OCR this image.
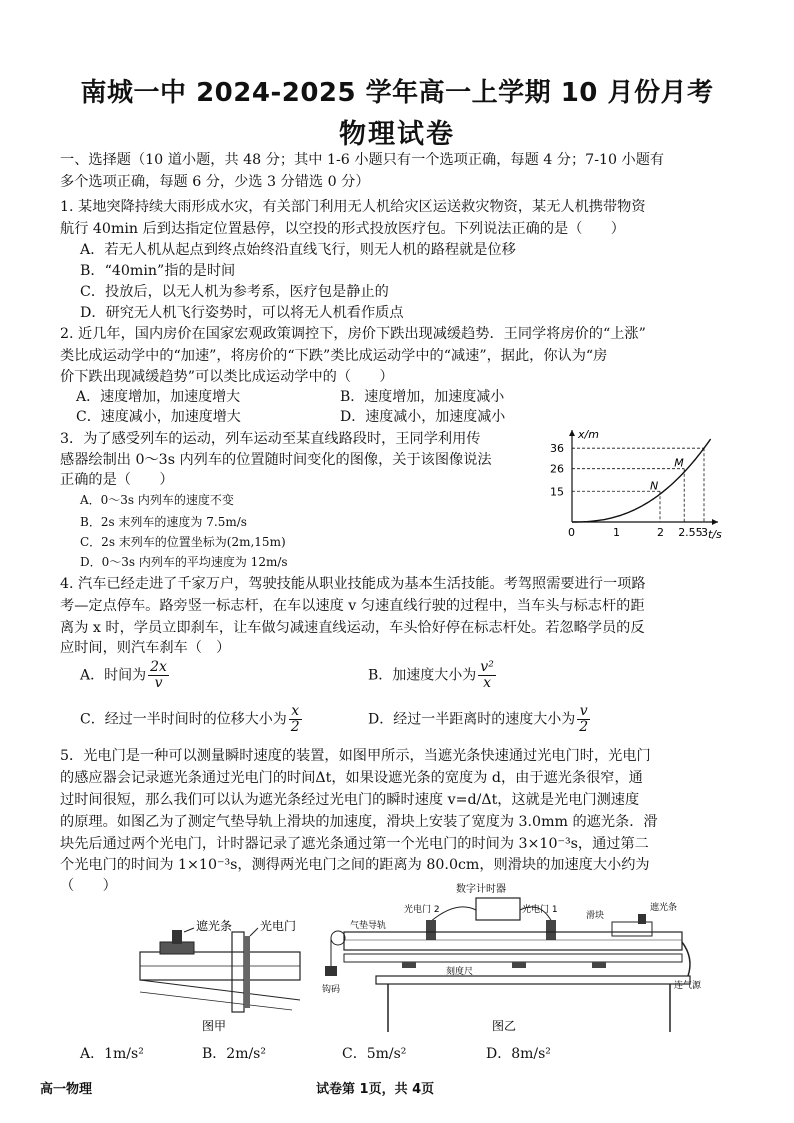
南城一中 2024-2025 学年高一上学期 10 月份月考
物理试卷
一、选择题（10 道小题，共 48 分；其中 1-6 小题只有一个选项正确，每题 4 分；7-10 小题有
多个选项正确，每题 6 分，少选 3 分错选 0 分）
1. 某地突降持续大雨形成水灾，有关部门利用无人机给灾区运送救灾物资，某无人机携带物资
航行 40min 后到达指定位置悬停，以空投的形式投放医疗包。下列说法正确的是（　　）
A．若无人机从起点到终点始终沿直线飞行，则无人机的路程就是位移
B．“40min”指的是时间
C．投放后，以无人机为参考系，医疗包是静止的
D．研究无人机飞行姿势时，可以将无人机看作质点
2. 近几年，国内房价在国家宏观政策调控下，房价下跌出现减缓趋势．王同学将房价的“上涨”
类比成运动学中的“加速”，将房价的“下跌”类比成运动学中的“减速”，据此，你认为“房
价下跌出现减缓趋势”可以类比成运动学中的（　　）
A．速度增加，加速度增大	B．速度增加，加速度减小
C．速度减小，加速度增大	D．速度减小，加速度减小
3．为了感受列车的运动，列车运动至某直线路段时，王同学利用传
感器绘制出 0～3s 内列车的位置随时间变化的图像，关于该图像说法
正确的是（　　）
A．0～3s 内列车的速度不变
B．2s 末列车的速度为 7.5m/s
C．2s 末列车的位置坐标为(2m,15m)
D．0～3s 内列车的平均速度为 12m/s
x/m
t/s
15
26
36
0	1	2 2.55
3
N
M
4. 汽车已经走进了千家万户，驾驶技能从职业技能成为基本生活技能。考驾照需要进行一项路
考—定点停车。路旁竖一标志杆，在车以速度 v 匀速直线行驶的过程中，当车头与标志杆的距
离为 x 时，学员立即刹车，让车做匀减速直线运动，车头恰好停在标志杆处。若忽略学员的反
应时间，则汽车刹车（　）
A．时间为 $\frac{2x}{v}$	B．加速度大小为 $\frac{\text{v²}}{x}$
C．经过一半时间时的位移大小为 $\frac{x}{2}$	D．经过一半距离时的速度大小为 $\frac{v}{2}$
5．光电门是一种可以测量瞬时速度的装置，如图甲所示，当遮光条快速通过光电门时，光电门
的感应器会记录遮光条通过光电门的时间Δt，如果设遮光条的宽度为 d，由于遮光条很窄，通
过时间很短，那么我们可以认为遮光条经过光电门的瞬时速度 v=d/Δt，这就是光电门测速度
的原理。如图乙为了测定气垫导轨上滑块的加速度，滑块上安装了宽度为 3.0mm 的遮光条．滑
块先后通过两个光电门，计时器记录了遮光条通过第一个光电门的时间为 3×10⁻³s，通过第二
个光电门的时间为 1×10⁻³s，测得两光电门之间的距离为 80.0cm，则滑块的加速度大小约为
（　　）
遮光条 光电门
图甲
数字计时器
光电门 2	光电门 1
钩码
气垫导轨
滑块
遮光条
连气源
刻度尺
图乙
A．1m/s²	B．2m/s²	C．5m/s²	D．8m/s²
高一物理	试卷第 1页，共 4页
